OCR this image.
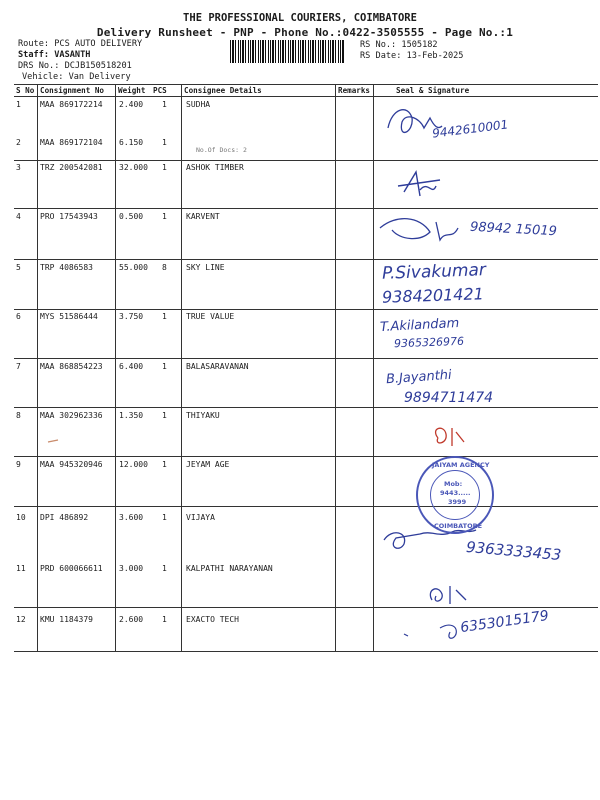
THE PROFESSIONAL COURIERS, COIMBATORE
Delivery Runsheet - PNP - Phone No.:0422-3505555 - Page No.:1
Route: PCS AUTO DELIVERY
Staff: VASANTH
DRS No.: DCJB150518201
Vehicle: Van Delivery
RS No.: 1505182
RS Date: 13-Feb-2025
S No Consignment No Weight PCS Consignee Details	Remarks	Seal & Signature
1 MAA 869172214 2.400 1 SUDHA
2 MAA 869172104 6.150 1
No.Of Docs: 2
3 TRZ 200542081 32.000 1 ASHOK TIMBER
4 PRO 17543943	0.500 1 KARVENT
5 TRP 4086583	55.000 8 SKY LINE
6 MYS 51586444	3.750 1 TRUE VALUE
7 MAA 868854223 6.400 1 BALASARAVANAN
8 MAA 302962336 1.350 1 THIYAKU
9 MAA 945320946 12.000 1 JEYAM AGE
10 DPI 486892	3.600 1 VIJAYA
11 PRD 600066611 3.000 1 KALPATHI NARAYANAN
12 KMU 1184379	2.600 1 EXACTO TECH
9442610001
98942 15019
P.Sivakumar
9384201421
T.Akilandam
9365326976
B.Jayanthi
9894711474
9363333453
6353015179
JAIYAM AGENCY
Mob:
9443.....
3999
COIMBATORE
